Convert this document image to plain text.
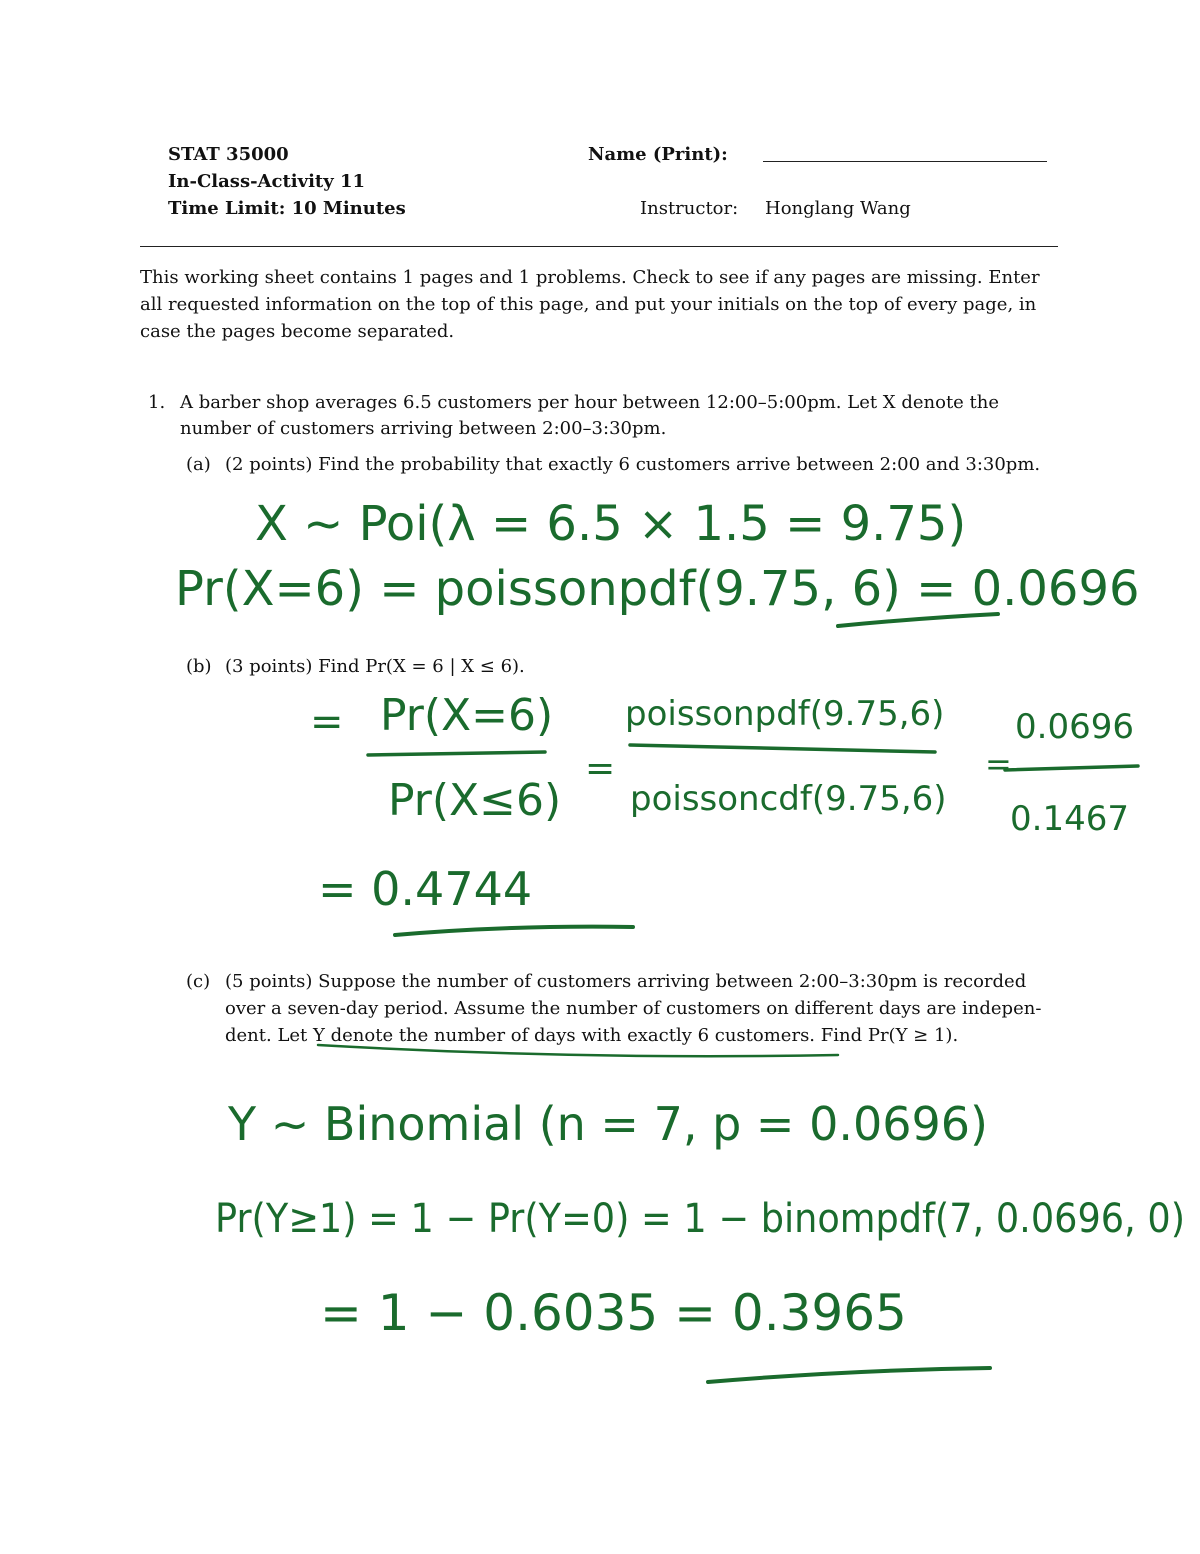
STAT 35000
In-Class-Activity 11
Time Limit: 10 Minutes
Name (Print):
Instructor: Honglang Wang
This working sheet contains 1 pages and 1 problems. Check to see if any pages are missing. Enter
all requested information on the top of this page, and put your initials on the top of every page, in
case the pages become separated.
1. A barber shop averages 6.5 customers per hour between 12:00–5:00pm. Let X denote the
number of customers arriving between 2:00–3:30pm.
(a) (2 points) Find the probability that exactly 6 customers arrive between 2:00 and 3:30pm.
(b) (3 points) Find Pr(X = 6 | X ≤ 6).
(c) (5 points) Suppose the number of customers arriving between 2:00–3:30pm is recorded
over a seven-day period. Assume the number of customers on different days are indepen-
dent. Let Y denote the number of days with exactly 6 customers. Find Pr(Y ≥ 1).
X ~ Poi(λ = 6.5 × 1.5 = 9.75)
Pr(X=6) = poissonpdf(9.75, 6) = 0.0696
= Pr(X=6)
Pr(X≤6)
=
poissonpdf(9.75,6)
poissoncdf(9.75,6)
=
0.0696
0.1467
= 0.4744
Y ~ Binomial (n = 7, p = 0.0696)
Pr(Y≥1) = 1 − Pr(Y=0) = 1 − binompdf(7, 0.0696, 0)
= 1 − 0.6035 = 0.3965
